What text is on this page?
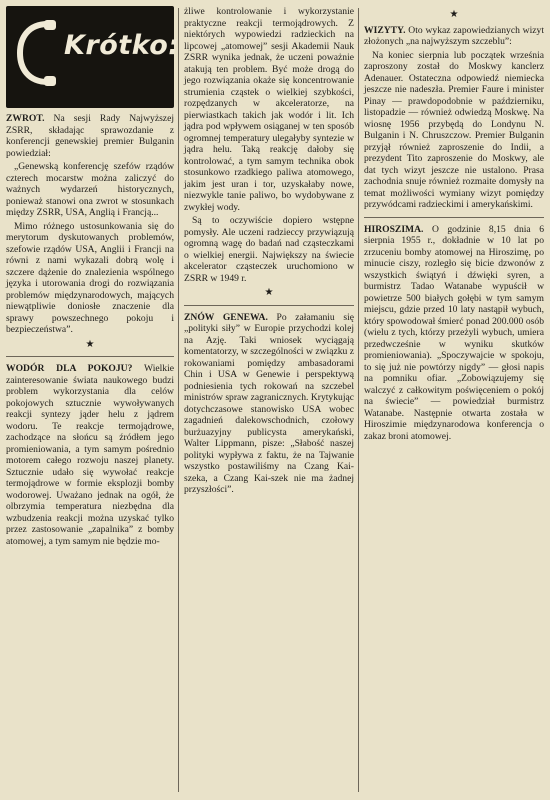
Krótko:

ZWROT. Na sesji Rady Najwyższej ZSRR, składając sprawozdanie z konferencji genewskiej premier Bulganin powiedział:

„Genewską konferencję szefów rządów czterech mocarstw można zaliczyć do ważnych wydarzeń historycznych, ponieważ stanowi ona zwrot w stosunkach między ZSRR, USA, Anglią i Francją...

Mimo różnego ustosunkowania się do merytorum dyskutowanych problemów, szefowie rządów USA, Anglii i Francji na równi z nami wykazali dobrą wolę i szczere dążenie do znalezienia wspólnego języka i utorowania drogi do rozwiązania problemów międzynarodowych, mających niewątpliwie doniosłe znaczenie dla sprawy powszechnego pokoju i bezpieczeństwa”.

★

WODÓR DLA POKOJU? Wielkie zainteresowanie świata naukowego budzi problem wykorzystania dla celów pokojowych sztucznie wywoływanych reakcji syntezy jąder helu z jądrem wodoru. Te reakcje termojądrowe, zachodzące na słońcu są źródłem jego promieniowania, a tym samym pośrednio motorem całego rozwoju naszej planety. Sztucznie udało się wywołać reakcje termojądrowe w formie eksplozji bomby wodorowej. Uważano jednak na ogół, że olbrzymia temperatura niezbędna dla wzbudzenia reakcji można uzyskać tylko przez zastosowanie „zapalnika” z bomby atomowej, a tym samym nie będzie mo-

żliwe kontrolowanie i wykorzystanie praktyczne reakcji termojądrowych. Z niektórych wypowiedzi radzieckich na lipcowej „atomowej” sesji Akademii Nauk ZSRR wynika jednak, że uczeni poważnie atakują ten problem. Być może drogą do jego rozwiązania okaże się koncentrowanie strumienia cząstek o wielkiej szybkości, rozpędzanych w akceleratorze, na pierwiastkach takich jak wodór i lit. Ich jądra pod wpływem osiąganej w ten sposób ogromnej temperatury ulegałyby syntezie w jądra helu. Taką reakcję dałoby się kontrolować, a tym samym technika obok stosunkowo rzadkiego paliwa atomowego, jakim jest uran i tor, uzyskałaby nowe, niezwykle tanie paliwo, bo wydobywane z zwykłej wody.

Są to oczywiście dopiero wstępne pomysły. Ale uczeni radzieccy przywiązują ogromną wagę do badań nad cząsteczkami o wielkiej energii. Największy na świecie akcelerator cząsteczek uruchomiono w ZSRR w 1949 r.

★

ZNÓW GENEWA. Po załamaniu się „polityki siły” w Europie przychodzi kolej na Azję. Taki wniosek wyciągają komentatorzy, w szczególności w związku z rokowaniami pomiędzy ambasadorami Chin i USA w Genewie i perspektywą podniesienia tych rokowań na szczebel ministrów spraw zagranicznych. Krytykując dotychczasowe stanowisko USA wobec zagadnień dalekowschodnich, czołowy burżuazyjny publicysta amerykański, Walter Lippmann, pisze: „Słabość naszej polityki wypływa z faktu, że na Tajwanie wszystko postawiliśmy na Czang Kai-szeka, a Czang Kai-szek nie ma żadnej przyszłości”.

★

WIZYTY. Oto wykaz zapowiedzianych wizyt złożonych „na najwyższym szczeblu”:

Na koniec sierpnia lub początek września zaproszony został do Moskwy kanclerz Adenauer. Ostateczna odpowiedź niemiecka jeszcze nie nadeszła. Premier Faure i minister Pinay — prawdopodobnie w październiku, listopadzie — również odwiedzą Moskwę. Na wiosnę 1956 przybędą do Londynu N. Bulganin i N. Chruszczow. Premier Bulganin przyjął również zaproszenie do Indii, a prezydent Tito zaproszenie do Moskwy, ale dat tych wizyt jeszcze nie ustalono. Prasa zachodnia snuje również rozmaite domysły na temat możliwości wymiany wizyt pomiędzy przywódcami radzieckimi i amerykańskimi.

HIROSZIMA. O godzinie 8,15 dnia 6 sierpnia 1955 r., dokładnie w 10 lat po zrzuceniu bomby atomowej na Hiroszimę, po minucie ciszy, rozległo się bicie dzwonów z wszystkich świątyń i dźwięki syren, a burmistrz Tadao Watanabe wypuścił w powietrze 500 białych gołębi w tym samym miejscu, gdzie przed 10 laty nastąpił wybuch, który spowodował śmierć ponad 200.000 osób (wielu z tych, którzy przeżyli wybuch, umiera przedwcześnie w wyniku skutków promieniowania). „Spoczywajcie w spokoju, to się już nie powtórzy nigdy” — głosi napis na pomniku ofiar. „Zobowiązujemy się walczyć z całkowitym poświęceniem o pokój na świecie” — powiedział burmistrz Watanabe. Następnie otwarta została w Hiroszimie międzynarodowa konferencja o zakaz broni atomowej.
